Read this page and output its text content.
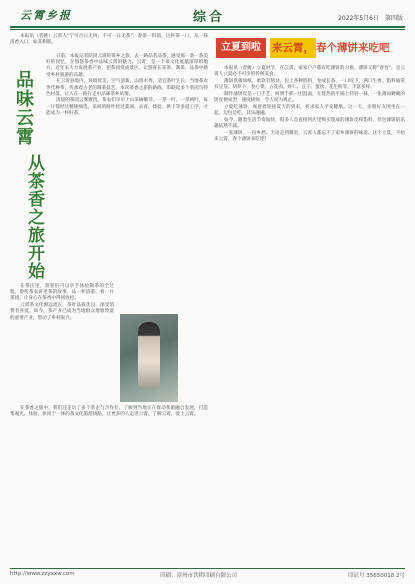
云霄乡报	综合	2022年5月6日　第四版

本报讯（者姚）云霄人“宁可百日无肉，不可一日无茶”，春茶一料值，这杯茶一口，从一抹清香入口，如其相联。

品味云霄
从茶香之旅开始

日前，本报记者陪同云霄的茶乡之旅，去一路品茗品茶，感受那一条一条美好的回忆，在悠悠茶香中品味云霄的魅力。云霄，是一个茶文化底蕴深厚的地方，近年来大力发展茶产业，把茶园变成景区，让游客在采茶、制茶、品茶中感受乡村旅游的乐趣。

在云霄县境内，环境优美，空气清新，山清水秀，适宜茶叶生长。当地茶农世代种茶，传承着古老的制茶技艺。本次茶香之旅的路线，串联起多个茶园与特色村落，让人在一路行走中品味茶乡风情。

清晨的茶园云雾缭绕，茶农们早早上山采摘嫩芽。一芽一叶、一芽两叶，每一片都经过精挑细选。采回的鲜叶经过萎凋、杀青、揉捻、烘干等多道工序，才能成为一杯好茶。

在茶庄里，游客们可以亲手体验制茶的全过程，聆听茶农讲述茶的故事。品一杯清茶，看一片茶园，让身心在茶香中得到放松。

云霄茶文化源远流长，茶叶品质优良，深受消费者喜爱。如今，茶产业已成为当地群众增收致富的重要产业，带动了乡村振兴。

在茶香之旅中，我们还走访了多个茶企与合作社，了解到当地正在推动茶旅融合发展，打造集观光、体验、休闲于一体的茶文化旅游线路，让更多的人走进云霄、了解云霄、爱上云霄。

立夏到啦	来云霄， 春个薄饼来吃吧

本报讯（者姚）立夏时节，在云霄，家家户户都有吃薄饼的习俗。薄饼又称“春卷”，是云霄人立夏必不可少的传统美食。

薄饼皮薄如纸，柔软有韧劲，包上各种馅料，卷成长条，一口咬下，满口生香。馅料通常有豆芽、胡萝卜、卷心菜、五花肉、虾仁、豆干、蛋丝、花生粉等，丰富多样。

制作薄饼皮是一门手艺，师傅手抓一团湿面，在烧热的平锅上轻轻一抹，一张薄如蝉翼的饼皮便成型，速度极快，令人叹为观止。

立夏吃薄饼，寓意着迎接夏天的到来，祈求家人平安健康。这一天，亲朋好友围坐在一起，边包边吃，其乐融融。

如今，随着生活节奏加快，很多人会直接到店里购买现成的薄饼皮和馅料，但包薄饼的乐趣依然不减。

一张薄饼，一份乡愁。无论走到哪里，云霄人都忘不了家乡薄饼的味道。这个立夏，不妨来云霄，春个薄饼来吃吧！

http://www.zzyxxw.com	印刷：漳州市铁稻印刷有限公司	印证号 35650018 2号
